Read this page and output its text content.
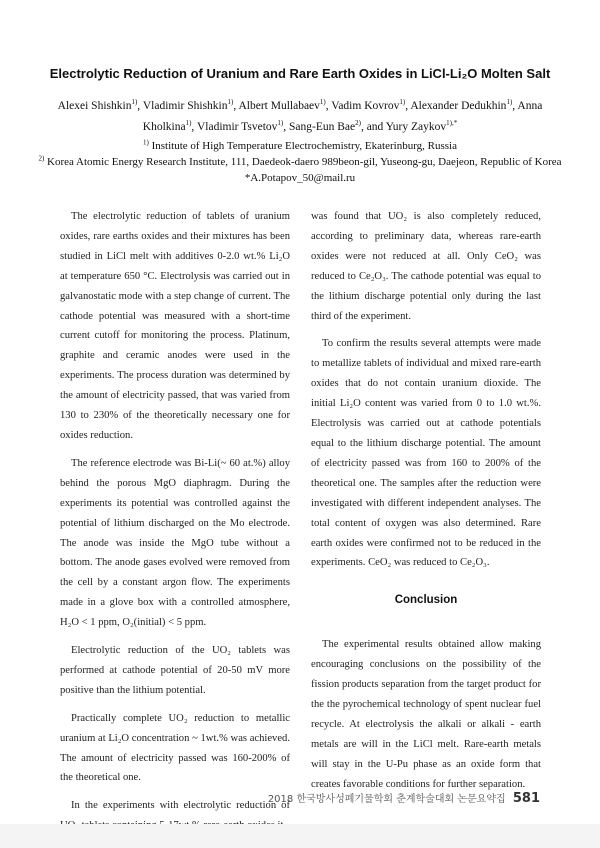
Electrolytic Reduction of Uranium and Rare Earth Oxides in LiCl-Li₂O Molten Salt
Alexei Shishkin$^{1)}$, Vladimir Shishkin$^{1)}$, Albert Mullabaev$^{1)}$, Vadim Kovrov$^{1)}$, Alexander Dedukhin$^{1)}$, Anna Kholkina$^{1)}$, Vladimir Tsvetov$^{1)}$, Sang-Eun Bae$^{2)}$, and Yury Zaykov$^{1),*}$
$^{1)}$ Institute of High Temperature Electrochemistry, Ekaterinburg, Russia
$^{2)}$ Korea Atomic Energy Research Institute, 111, Daedeok-daero 989beon-gil, Yuseong-gu, Daejeon, Republic of Korea
*A.Potapov_50@mail.ru

The electrolytic reduction of tablets of uranium oxides, rare earths oxides and their mixtures has been studied in LiCl melt with additives 0-2.0 wt.% Li₂O at temperature 650 °C. Electrolysis was carried out in galvanostatic mode with a step change of current. The cathode potential was measured with a short-time current cutoff for monitoring the process. Platinum, graphite and ceramic anodes were used in the experiments. The process duration was determined by the amount of electricity passed, that was varied from 130 to 230% of the theoretically necessary one for oxides reduction.

The reference electrode was Bi-Li(~ 60 at.%) alloy behind the porous MgO diaphragm. During the experiments its potential was controlled against the potential of lithium discharged on the Mo electrode. The anode was inside the MgO tube without a bottom. The anode gases evolved were removed from the cell by a constant argon flow. The experiments made in a glove box with a controlled atmosphere, H₂O < 1 ppm, O₂(initial) < 5 ppm.

Electrolytic reduction of the UO₂ tablets was performed at cathode potential of 20-50 mV more positive than the lithium potential.

Practically complete UO₂ reduction to metallic uranium at Li₂O concentration ~ 1wt.% was achieved. The amount of electricity passed was 160-200% of the theoretical one.

In the experiments with electrolytic reduction of

was found that UO₂ is also completely reduced, according to preliminary data, whereas rare-earth oxides were not reduced at all. Only CeO₂ was reduced to Ce₂O₃. The cathode potential was equal to the lithium discharge potential only during the last third of the experiment.

To confirm the results several attempts were made to metallize tablets of individual and mixed rare-earth oxides that do not contain uranium dioxide. The initial Li₂O content was varied from 0 to 1.0 wt.%. Electrolysis was carried out at cathode potentials equal to the lithium discharge potential. The amount of electricity passed was from 160 to 200% of the theoretical one. The samples after the reduction were investigated with different independent analyses. The total content of oxygen was also determined. Rare earth oxides were confirmed not to be reduced in the experiments. CeO₂ was reduced to Ce₂O₃.

Conclusion

The experimental results obtained allow making encouraging conclusions on the possibility of the fission products separation from the target product for the the pyrochemical technology of spent nuclear fuel recycle. At electrolysis the alkali or alkali - earth metals are will in the LiCl melt. Rare-earth metals will stay in the U-Pu phase as an oxide form that creates favorable conditions for further separation.

2018 한국방사성폐기물학회 춘계학술대회 논문요약집 581
